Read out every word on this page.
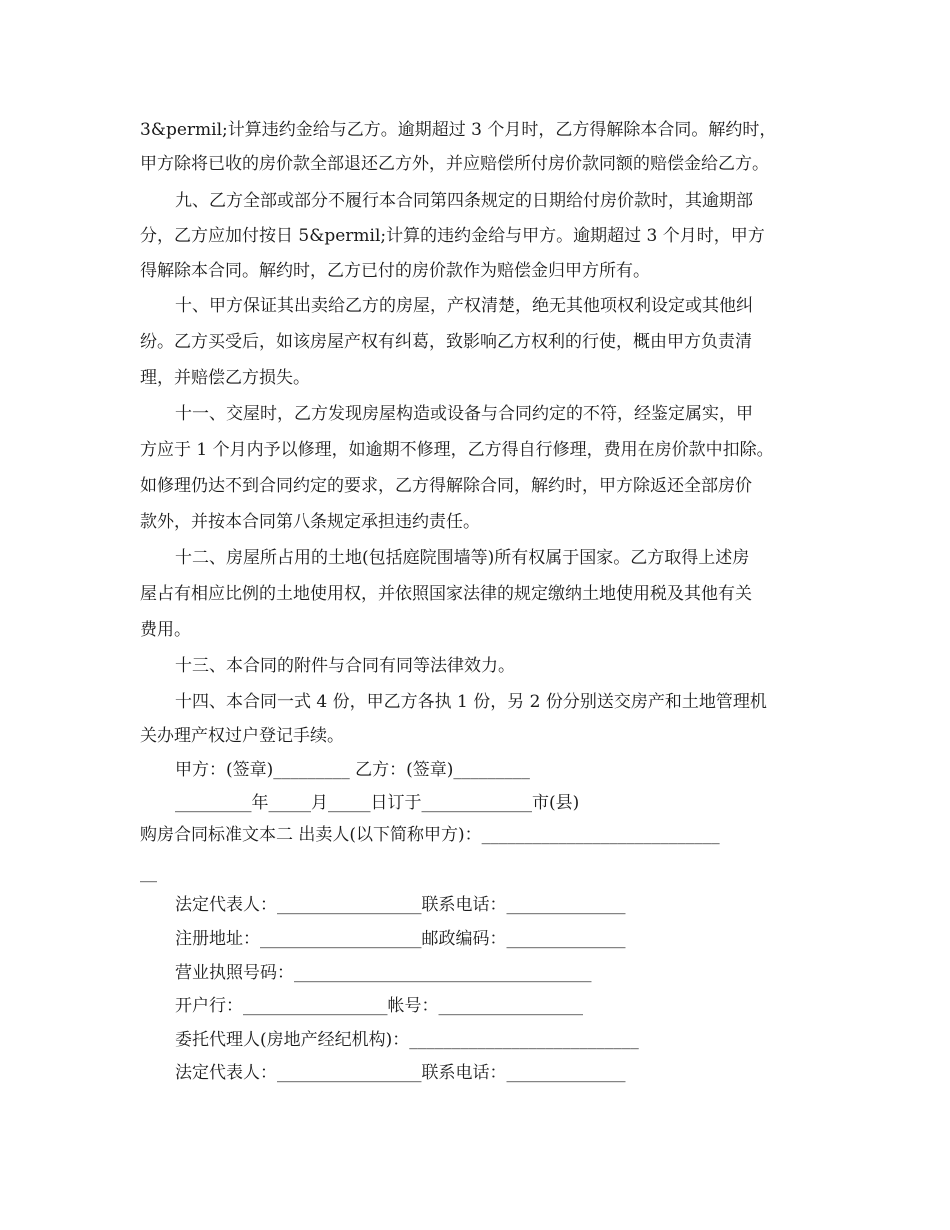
3&permil;计算违约金给与乙方。逾期超过 3 个月时，乙方得解除本合同。解约时，
甲方除将已收的房价款全部退还乙方外，并应赔偿所付房价款同额的赔偿金给乙方。
九、乙方全部或部分不履行本合同第四条规定的日期给付房价款时，其逾期部
分，乙方应加付按日 5&permil;计算的违约金给与甲方。逾期超过 3 个月时，甲方
得解除本合同。解约时，乙方已付的房价款作为赔偿金归甲方所有。
十、甲方保证其出卖给乙方的房屋，产权清楚，绝无其他项权利设定或其他纠
纷。乙方买受后，如该房屋产权有纠葛，致影响乙方权利的行使，概由甲方负责清
理，并赔偿乙方损失。
十一、交屋时，乙方发现房屋构造或设备与合同约定的不符，经鉴定属实，甲
方应于 1 个月内予以修理，如逾期不修理，乙方得自行修理，费用在房价款中扣除。
如修理仍达不到合同约定的要求，乙方得解除合同，解约时，甲方除返还全部房价
款外，并按本合同第八条规定承担违约责任。
十二、房屋所占用的土地(包括庭院围墙等)所有权属于国家。乙方取得上述房
屋占有相应比例的土地使用权，并依照国家法律的规定缴纳土地使用税及其他有关
费用。
十三、本合同的附件与合同有同等法律效力。
十四、本合同一式 4 份，甲乙方各执 1 份，另 2 份分别送交房产和土地管理机
关办理产权过户登记手续。
甲方：(签章)_________ 乙方：(签章)_________
_________年_____月_____日订于_____________市(县)
购房合同标准文本二 出卖人(以下简称甲方)：____________________________
__
法定代表人：_________________联系电话：______________
注册地址：___________________邮政编码：______________
营业执照号码：___________________________________
开户行：_________________帐号：_________________
委托代理人(房地产经纪机构)：___________________________
法定代表人：_________________联系电话：______________
